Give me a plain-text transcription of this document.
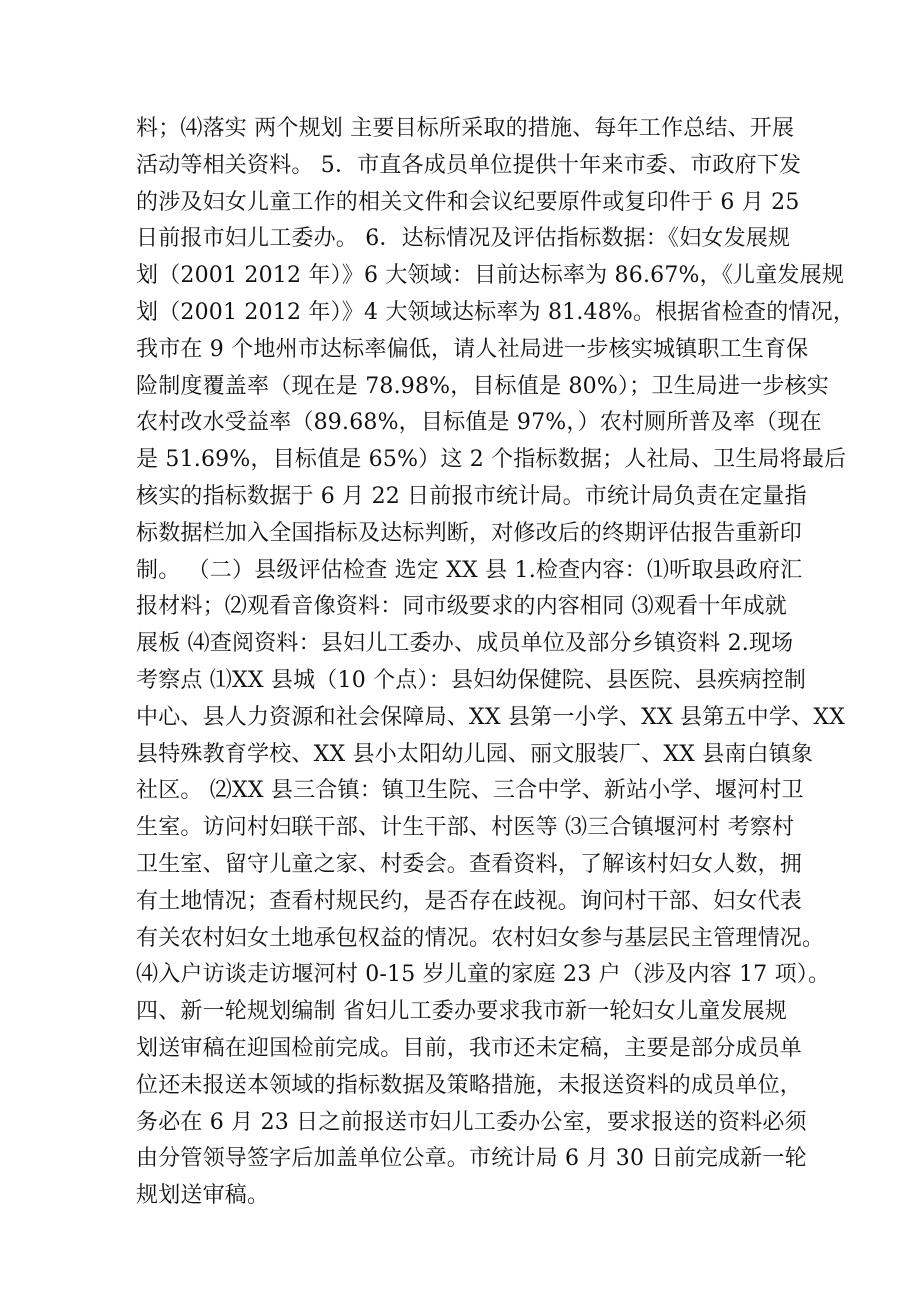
料；⑷落实 两个规划 主要目标所采取的措施、每年工作总结、开展
活动等相关资料。 5．市直各成员单位提供十年来市委、市政府下发
的涉及妇女儿童工作的相关文件和会议纪要原件或复印件于 6 月 25
日前报市妇儿工委办。 6．达标情况及评估指标数据：《妇女发展规
划（2001 2012 年）》6 大领域：目前达标率为 86.67%，《儿童发展规
划（2001 2012 年）》4 大领域达标率为 81.48%。根据省检查的情况，
我市在 9 个地州市达标率偏低，请人社局进一步核实城镇职工生育保
险制度覆盖率（现在是 78.98%，目标值是 80%）；卫生局进一步核实
农村改水受益率（89.68%，目标值是 97%，）农村厕所普及率（现在
是 51.69%，目标值是 65%）这 2 个指标数据；人社局、卫生局将最后
核实的指标数据于 6 月 22 日前报市统计局。市统计局负责在定量指
标数据栏加入全国指标及达标判断，对修改后的终期评估报告重新印
制。 （二）县级评估检查 选定 XX 县 1.检查内容：⑴听取县政府汇
报材料；⑵观看音像资料：同市级要求的内容相同 ⑶观看十年成就
展板 ⑷查阅资料：县妇儿工委办、成员单位及部分乡镇资料 2.现场
考察点 ⑴XX 县城（10 个点）：县妇幼保健院、县医院、县疾病控制
中心、县人力资源和社会保障局、XX 县第一小学、XX 县第五中学、XX
县特殊教育学校、XX 县小太阳幼儿园、丽文服装厂、XX 县南白镇象
社区。 ⑵XX 县三合镇：镇卫生院、三合中学、新站小学、堰河村卫
生室。访问村妇联干部、计生干部、村医等 ⑶三合镇堰河村 考察村
卫生室、留守儿童之家、村委会。查看资料，了解该村妇女人数，拥
有土地情况；查看村规民约，是否存在歧视。询问村干部、妇女代表
有关农村妇女土地承包权益的情况。农村妇女参与基层民主管理情况。
⑷入户访谈走访堰河村 0-15 岁儿童的家庭 23 户（涉及内容 17 项）。
四、新一轮规划编制 省妇儿工委办要求我市新一轮妇女儿童发展规
划送审稿在迎国检前完成。目前，我市还未定稿，主要是部分成员单
位还未报送本领域的指标数据及策略措施，未报送资料的成员单位，
务必在 6 月 23 日之前报送市妇儿工委办公室，要求报送的资料必须
由分管领导签字后加盖单位公章。市统计局 6 月 30 日前完成新一轮
规划送审稿。
